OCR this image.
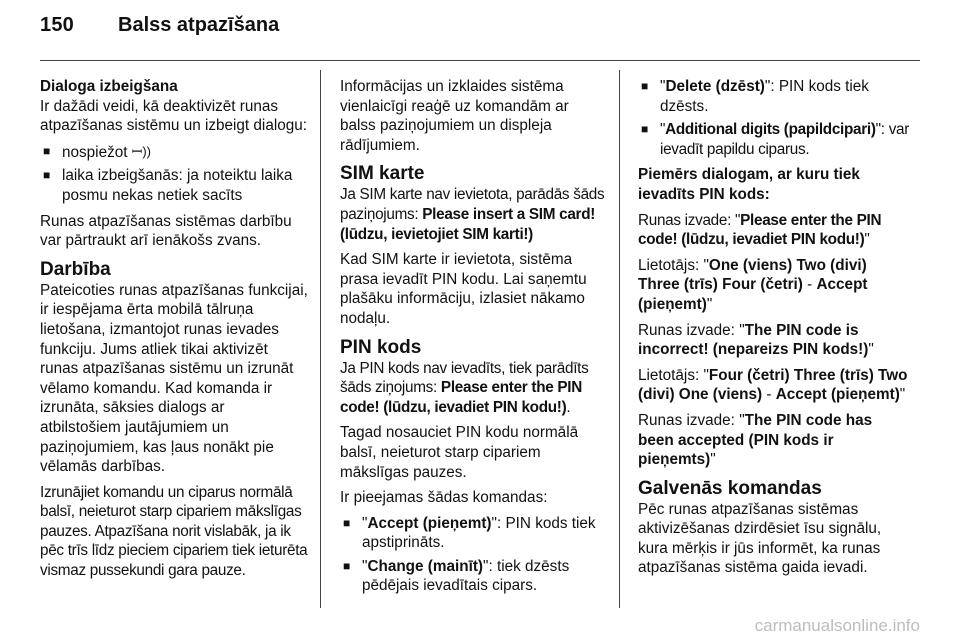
150 Balss atpazīšana

Dialoga izbeigšana
Ir dažādi veidi, kā deaktivizēt runas atpazīšanas sistēmu un izbeigt dialogu:

■ nospiežot ꟷ))
■ laika izbeigšanās: ja noteiktu laika posmu nekas netiek sacīts

Runas atpazīšanas sistēmas darbību var pārtraukt arī ienākošs zvans.

Darbība

Pateicoties runas atpazīšanas funkcijai, ir iespējama ērta mobilā tālruņa lietošana, izmantojot runas ievades funkciju. Jums atliek tikai aktivizēt runas atpazīšanas sistēmu un izrunāt vēlamo komandu. Kad komanda ir izrunāta, sāksies dialogs ar atbilstošiem jautājumiem un paziņojumiem, kas ļaus nonākt pie vēlamās darbības.

Izrunājiet komandu un ciparus normālā balsī, neieturot starp cipariem mākslīgas pauzes. Atpazīšana norit vislabāk, ja ik pēc trīs līdz pieciem cipariem tiek ieturēta vismaz pussekundi gara pauze.

Informācijas un izklaides sistēma vienlaicīgi reaģē uz komandām ar balss paziņojumiem un displeja rādījumiem.

SIM karte

Ja SIM karte nav ievietota, parādās šāds paziņojums: Please insert a SIM card! (lūdzu, ievietojiet SIM karti!)

Kad SIM karte ir ievietota, sistēma prasa ievadīt PIN kodu. Lai saņemtu plašāku informāciju, izlasiet nākamo nodaļu.

PIN kods

Ja PIN kods nav ievadīts, tiek parādīts šāds ziņojums: Please enter the PIN code! (lūdzu, ievadiet PIN kodu!).

Tagad nosauciet PIN kodu normālā balsī, neieturot starp cipariem mākslīgas pauzes.

Ir pieejamas šādas komandas:

■ "Accept (pieņemt)": PIN kods tiek apstiprināts.
■ "Change (mainīt)": tiek dzēsts pēdējais ievadītais cipars.
■ "Delete (dzēst)": PIN kods tiek dzēsts.
■ "Additional digits (papildcipari)": var ievadīt papildu ciparus.

Piemērs dialogam, ar kuru tiek ievadīts PIN kods:

Runas izvade: "Please enter the PIN code! (lūdzu, ievadiet PIN kodu!)"

Lietotājs: "One (viens) Two (divi) Three (trīs) Four (četri) - Accept (pieņemt)"

Runas izvade: "The PIN code is incorrect! (nepareizs PIN kods!)"

Lietotājs: "Four (četri) Three (trīs) Two (divi) One (viens) - Accept (pieņemt)"

Runas izvade: "The PIN code has been accepted (PIN kods ir pieņemts)"

Galvenās komandas

Pēc runas atpazīšanas sistēmas aktivizēšanas dzirdēsiet īsu signālu, kura mērķis ir jūs informēt, ka runas atpazīšanas sistēma gaida ievadi.

carmanualsonline.info
